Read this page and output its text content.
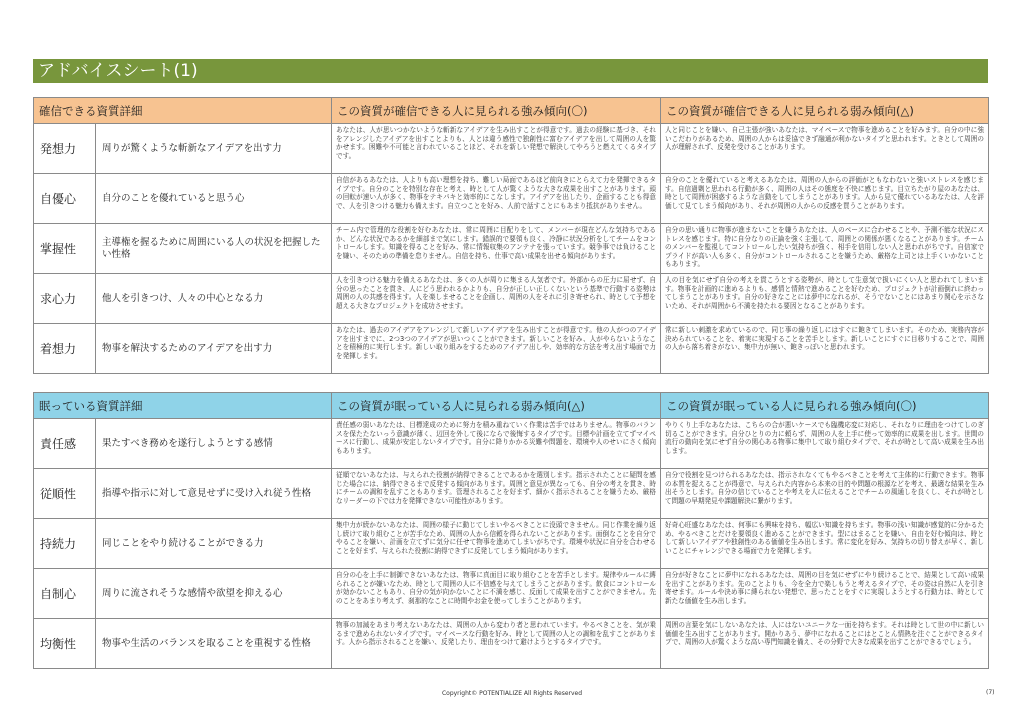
アドバイスシート(1)
確信できる資質詳細		この資質が確信できる人に見られる強み傾向(〇)	この資質が確信できる人に見られる弱み傾向(△)
発想力	周りが驚くような斬新なアイデアを出す力	あなたは、人が思いつかないような斬新なアイデアを生み出すことが得意です。過去の経験に基づき、それをアレンジしたアイデアを出すことよりも、人とは違う感性で独創性に富むアイデアを出して周囲の人を驚かせます。困難や不可能と言われていることほど、それを新しい発想で解決してやろうと燃えてくるタイプです。	人と同じことを嫌い、自己主張が強いあなたは、マイペースで物事を進めることを好みます。自分の中に強いこだわりがあるため、周囲の人からは妥協できず融通が利かないタイプと思われます。ときとして周囲の人が理解されず、反発を受けることがあります。

自優心	自分のことを優れていると思う心	自信があるあなたは、人よりも高い理想を持ち、難しい局面であるほど前向きにとらえて力を発揮できるタイプです。自分のことを特別な存在と考え、時として人が驚くような大きな成果を出すことがあります。頭の回転が速い人が多く、物事をテキパキと効率的にこなします。アイデアを出したり、企画することも得意で、人を引きつける魅力も備えます。自立つことを好み、人前で話すことにもあまり抵抗がありません。	自分のことを優れていると考えるあなたは、周囲の人からの評価がともなわないと強いストレスを感じます。自信過剰と思われる行動が多く、周囲の人はその態度を不快に感じます。目立ちたがり屋のあなたは、時として周囲が困惑するような言動をしてしまうことがあります。人から見て優れているあなたは、人を評価して見てしまう傾向があり、それが周囲の人からの反感を買うことがあります。

掌握性	主導権を握るために周囲にいる人の状況を把握したい性格	チーム内で管理的な役割を好むあなたは、常に周囲に目配りをして、メンバーが現在どんな気持ちであるか、どんな状況であるかを細部まで気にします。錯誤的で要領も良く、冷静に状況分析をしてチームをコントロールします。知識を得ることを好み、常に情報収集のアンテナを張っています。競争事では負けることを嫌い、そのための準備を怠りません。自信を持ち、仕事で高い成果を出せる傾向があります。	自分の思い通りに物事が進まないことを嫌うあなたは、人のペースに合わせることや、予測不能な状況にストレスを感じます。特に自分なりの正論を強く主張して、周囲との関係が悪くなることがあります。チームのメンバーを監視してコントロールしたい気持ちが強く、相手を信用しない人と思われがちです。自信家でプライドが高い人も多く、自分がコントロールされることを嫌うため、厳格な上司とは上手くいかないこともあります。

求心力	他人を引きつけ、人々の中心となる力	人を引きつける魅力を備えるあなたは、多くの人が周りに集まる人気者です。外部からの圧力に屈せず、自分の思ったことを貫き、人にどう思われるかよりも、自分が正しい正しくないという基準で行動する姿勢は周囲の人の共感を得ます。人を楽しませることを企画し、周囲の人をそれに引き寄せられ、時として予想を超える大きなプロジェクトを成功させます。	人の目を気にせず自分の考えを貫こうとする姿勢が、時として生意気で扱いにくい人と思われてしまいます。物事を計画的に進めるよりも、感情と情熱で進めることを好むため、プロジェクトが計画倒れに終わってしまうことがあります。自分の好きなことには夢中になれるが、そうでないことにはあまり関心を示さないため、それが周囲から不満を持たれる要因となることがあります。

着想力	物事を解決するためのアイデアを出す力	あなたは、過去のアイデアをアレンジして新しいアイデアを生み出すことが得意です。他の人がつのアイデアを出すまでに、2つ3つのアイデアが思いつくことができます。新しいことを好み、人がやらないようなことを積極的に実行します。新しい取り組みをするためのアイデア出しや、効率的な方法を考え出す場面で力を発揮します。	常に新しい刺激を求めているので、同じ事の繰り返しにはすぐに飽きてしまいます。そのため、実務内容が決められていることを、着実に実現することを苦手とします。新しいことにすぐに目移りすることで、周囲の人から落ち着きがない、集中力が無い、飽きっぽいと思われます。
眠っている資質詳細		この資質が眠っている人に見られる弱み傾向(△)	この資質が眠っている人に見られる強み傾向(〇)
責任感	果たすべき務めを遂行しようとする感情	責任感の弱いあなたは、目標達成のために努力を積み重ねていく作業は苦手ではありません。物事のバランスを保たたないっう意識が薄く、辺回を外して後にならで後悔するタイプです。目標や計画を立てずマイペースに行動し、成果が安定しないタイプです。自分に降りかかる災難や問題を、環境や人のせいにさく傾向もあります。	やりくり上手なあなたは、こちらの合が悪いケースでも臨機応変に対応し、それなりに理由をつけてしのぎ切ることができます。自分ひとりの力に頼らず、周囲の人を上手に使って効率的に成果を出します。世間の流行の動向を気にせず自分の関心ある物事に集中して取り組むタイプで、それが時として高い成果を生み出します。

従順性	指導や指示に対して意見せずに受け入れ従う性格	従順でないあなたは、与えられた役割が納得できることであるかを選別します。指示されたことに疑問を感じた場合には、納得できるまで反発する傾向があります。周囲と意見が異なっても、自分の考えを貫き、時にチームの調和を乱すこともあります。管理されることを好まず、細かく指示されることを嫌うため、厳格なリーダーの下では力を発揮できない可能性があります。	自分で役割を見つけられるあなたは、指示されなくてもやるべきことを考えて主体的に行動できます。物事の本質を捉えることが得意で、与えられた内容から本来の目的や問題の根源などを考え、最適な結果を生み出そうとします。自分の信じていることや考えを人に伝えることでチームの風通しを良くし、それが時として問題の早期発見や課題解決に繋がります。

持続力	同じことをやり続けることができる力	集中力が続かないあなたは、周囲の様子に動じてしまいやるべきことに没頭できません。同じ作業を繰り返し続けて取り組むことが苦手なため、周囲の人から信頼を得られないことがあります。面倒なことを自分でやることを嫌い、計画を立てずに気分に任せて物事を進めてしまいがちです。環境や状況に自分を合わせることを好まず、与えられた役割に納得できずに反発してしまう傾向があります。	好奇心旺盛なあなたは、何事にも興味を持ち、幅広い知識を持ちます。物事の浅い知識が感覚的に分かるため、やるべきことだけを要領良く進めることができます。型にはまることを嫌い、自由を好む傾向は、時として新しいアイデアや独創性のある価値を生み出します。常に変化を好み、気持ちの切り替えが早く、新しいことにチャレンジできる場面で力を発揮します。

自制心	周りに流されそうな感情や欲望を抑える心	自分の心を上手に制御できないあなたは、物事に真面目に取り組むことを苦手とします。規律やルールに縛られることが嫌いなため、時として周囲の人に不信感を与えてしまうことがあります。飲食にコントロールが効かないこともあり、自分の気が向かないことに不満を感じ、反面して成果を出すことができません。先のことをあまり考えず、刹那的なことに時間やお金を使ってしまうことがあります。	自分が好きなことに夢中になれるあなたは、周囲の目を気にせずにやり続けることで、結果として高い成果を出すことがあります。先のことよりも、今を全力で楽しもうと考えるタイプで、その姿は自然に人を引き寄せます。ルールや決め事に縛られない発想で、思ったことをすぐに実現しようとする行動力は、時として新たな価値を生み出します。

均衡性	物事や生活のバランスを取ることを重視する性格	物事の加減をあまり考えないあなたは、周囲の人から変わり者と思われています。やるべきことを、気が乗るまで進められないタイプです。マイペースな行動を好み、時として周囲の人との調和を乱すことがあります。人から指示されることを嫌い、反発したり、理由をつけて避けようとするタイプです。	周囲の言葉を気にしないあなたは、人にはないユニークな一面を持ちます。それは時として世の中に新しい価値を生み出すことがあります。開かりあう、夢中になれることにはとことん情熱を注ぐことができるタイプで、周囲の人が驚くような高い専門知識を備え、その分野で大きな成果を出すことができるでしょう。
Copyright© POTENTIALIZE All Rights Reserved	(7)
